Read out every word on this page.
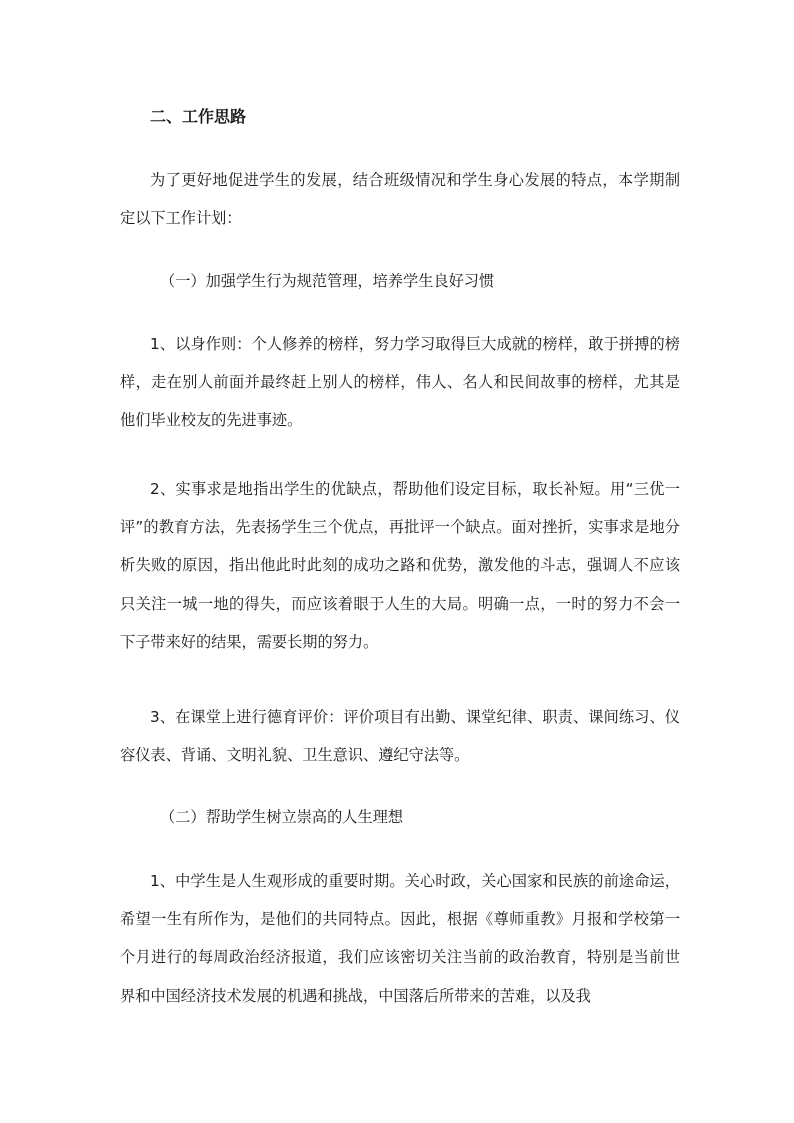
二、工作思路

为了更好地促进学生的发展，结合班级情况和学生身心发展的特点，本学期制定以下工作计划：

（一）加强学生行为规范管理，培养学生良好习惯

1、以身作则：个人修养的榜样，努力学习取得巨大成就的榜样，敢于拼搏的榜样，走在别人前面并最终赶上别人的榜样，伟人、名人和民间故事的榜样，尤其是他们毕业校友的先进事迹。

2、实事求是地指出学生的优缺点，帮助他们设定目标，取长补短。用“三优一评”的教育方法，先表扬学生三个优点，再批评一个缺点。面对挫折，实事求是地分析失败的原因，指出他此时此刻的成功之路和优势，激发他的斗志，强调人不应该只关注一城一地的得失，而应该着眼于人生的大局。明确一点，一时的努力不会一下子带来好的结果，需要长期的努力。

3、在课堂上进行德育评价：评价项目有出勤、课堂纪律、职责、课间练习、仪容仪表、背诵、文明礼貌、卫生意识、遵纪守法等。

（二）帮助学生树立崇高的人生理想

1、中学生是人生观形成的重要时期。关心时政，关心国家和民族的前途命运，希望一生有所作为，是他们的共同特点。因此，根据《尊师重教》月报和学校第一个月进行的每周政治经济报道，我们应该密切关注当前的政治教育，特别是当前世界和中国经济技术发展的机遇和挑战，中国落后所带来的苦难，以及我
